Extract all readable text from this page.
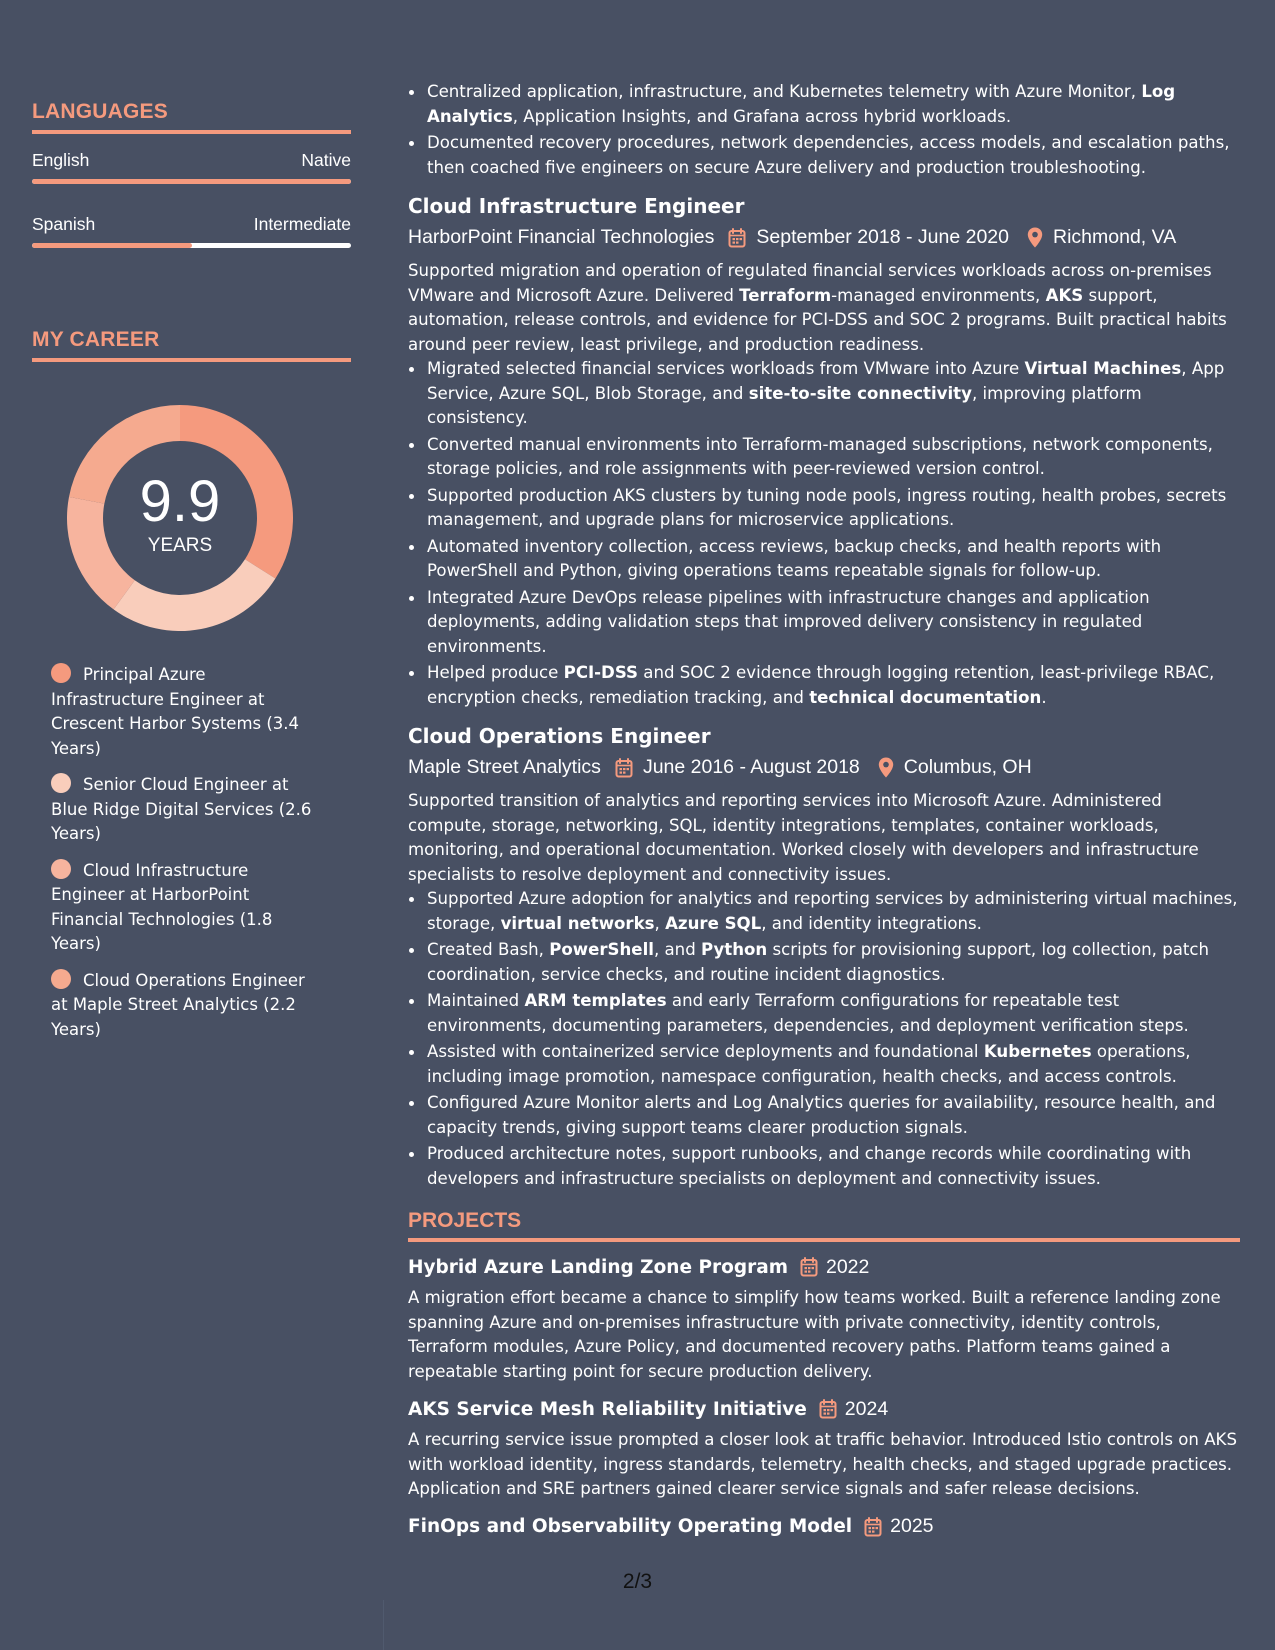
LANGUAGES
English	Native
Spanish	Intermediate
MY CAREER
9.9
YEARS
Principal Azure Infrastructure Engineer at Crescent Harbor Systems (3.4 Years)
Senior Cloud Engineer at Blue Ridge Digital Services (2.6 Years)
Cloud Infrastructure Engineer at HarborPoint Financial Technologies (1.8 Years)
Cloud Operations Engineer at Maple Street Analytics (2.2 Years)
Centralized application, infrastructure, and Kubernetes telemetry with Azure Monitor, Log Analytics, Application Insights, and Grafana across hybrid workloads.
Documented recovery procedures, network dependencies, access models, and escalation paths, then coached five engineers on secure Azure delivery and production troubleshooting.
Cloud Infrastructure Engineer
HarborPoint Financial Technologies September 2018 - June 2020 Richmond, VA

Supported migration and operation of regulated financial services workloads across on-premises VMware and Microsoft Azure. Delivered Terraform-managed environments, AKS support, automation, release controls, and evidence for PCI-DSS and SOC 2 programs. Built practical habits around peer review, least privilege, and production readiness.

Migrated selected financial services workloads from VMware into Azure Virtual Machines, App Service, Azure SQL, Blob Storage, and site-to-site connectivity, improving platform consistency.
Converted manual environments into Terraform-managed subscriptions, network components, storage policies, and role assignments with peer-reviewed version control.
Supported production AKS clusters by tuning node pools, ingress routing, health probes, secrets management, and upgrade plans for microservice applications.
Automated inventory collection, access reviews, backup checks, and health reports with PowerShell and Python, giving operations teams repeatable signals for follow-up.
Integrated Azure DevOps release pipelines with infrastructure changes and application deployments, adding validation steps that improved delivery consistency in regulated environments.
Helped produce PCI-DSS and SOC 2 evidence through logging retention, least-privilege RBAC, encryption checks, remediation tracking, and technical documentation.
Cloud Operations Engineer
Maple Street Analytics June 2016 - August 2018 Columbus, OH

Supported transition of analytics and reporting services into Microsoft Azure. Administered compute, storage, networking, SQL, identity integrations, templates, container workloads, monitoring, and operational documentation. Worked closely with developers and infrastructure specialists to resolve deployment and connectivity issues.

Supported Azure adoption for analytics and reporting services by administering virtual machines, storage, virtual networks, Azure SQL, and identity integrations.
Created Bash, PowerShell, and Python scripts for provisioning support, log collection, patch coordination, service checks, and routine incident diagnostics.
Maintained ARM templates and early Terraform configurations for repeatable test environments, documenting parameters, dependencies, and deployment verification steps.
Assisted with containerized service deployments and foundational Kubernetes operations, including image promotion, namespace configuration, health checks, and access controls.
Configured Azure Monitor alerts and Log Analytics queries for availability, resource health, and capacity trends, giving support teams clearer production signals.
Produced architecture notes, support runbooks, and change records while coordinating with developers and infrastructure specialists on deployment and connectivity issues.
PROJECTS
Hybrid Azure Landing Zone Program 2022

A migration effort became a chance to simplify how teams worked. Built a reference landing zone spanning Azure and on-premises infrastructure with private connectivity, identity controls, Terraform modules, Azure Policy, and documented recovery paths. Platform teams gained a repeatable starting point for secure production delivery.

AKS Service Mesh Reliability Initiative 2024

A recurring service issue prompted a closer look at traffic behavior. Introduced Istio controls on AKS with workload identity, ingress standards, telemetry, health checks, and staged upgrade practices. Application and SRE partners gained clearer service signals and safer release decisions.

FinOps and Observability Operating Model 2025
2/3
